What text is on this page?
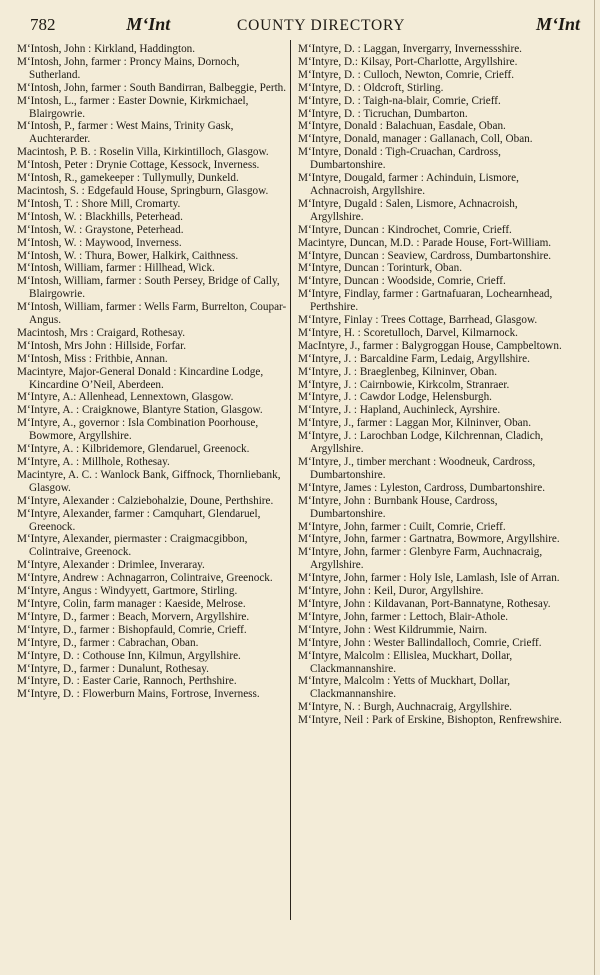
782	M‘Int	COUNTY DIRECTORY	M‘Int

M‘Intosh, John : Kirkland, Haddington.

M‘Intosh, John, farmer : Proncy Mains, Dornoch, Sutherland.

M‘Intosh, John, farmer : South Bandirran, Balbeggie, Perth.

M‘Intosh, L., farmer : Easter Downie, Kirkmichael, Blairgowrie.

M‘Intosh, P., farmer : West Mains, Trinity Gask, Auchterarder.

Macintosh, P. B. : Roselin Villa, Kirkintilloch, Glasgow.

M‘Intosh, Peter : Drynie Cottage, Kessock, Inverness.

M‘Intosh, R., gamekeeper : Tullymully, Dunkeld.

Macintosh, S. : Edgefauld House, Springburn, Glasgow.

M‘Intosh, T. : Shore Mill, Cromarty.

M‘Intosh, W. : Blackhills, Peterhead.

M‘Intosh, W. : Graystone, Peterhead.

M‘Intosh, W. : Maywood, Inverness.

M‘Intosh, W. : Thura, Bower, Halkirk, Caithness.

M‘Intosh, William, farmer : Hillhead, Wick.

M‘Intosh, William, farmer : South Persey, Bridge of Cally, Blairgowrie.

M‘Intosh, William, farmer : Wells Farm, Burrelton, Coupar-Angus.

Macintosh, Mrs : Craigard, Rothesay.

M‘Intosh, Mrs John : Hillside, Forfar.

M‘Intosh, Miss : Frithbie, Annan.

Macintyre, Major-General Donald : Kincardine Lodge, Kincardine O’Neil, Aberdeen.

M‘Intyre, A.: Allenhead, Lennextown, Glasgow.

M‘Intyre, A. : Craigknowe, Blantyre Station, Glasgow.

M‘Intyre, A., governor : Isla Combination Poorhouse, Bowmore, Argyllshire.

M‘Intyre, A. : Kilbridemore, Glendaruel, Greenock.

M‘Intyre, A. : Millhole, Rothesay.

Macintyre, A. C. : Wanlock Bank, Giffnock, Thornliebank, Glasgow.

M‘Intyre, Alexander : Calziebohalzie, Doune, Perthshire.

M‘Intyre, Alexander, farmer : Camquhart, Glendaruel, Greenock.

M‘Intyre, Alexander, piermaster : Craigmacgibbon, Colintraive, Greenock.

M‘Intyre, Alexander : Drimlee, Inveraray.

M‘Intyre, Andrew : Achnagarron, Colintraive, Greenock.

M‘Intyre, Angus : Windyyett, Gartmore, Stirling.

M‘Intyre, Colin, farm manager : Kaeside, Melrose.

M‘Intyre, D., farmer : Beach, Morvern, Argyllshire.

M‘Intyre, D., farmer : Bishopfauld, Comrie, Crieff.

M‘Intyre, D., farmer : Cabrachan, Oban.

M‘Intyre, D. : Cothouse Inn, Kilmun, Argyllshire.

M‘Intyre, D., farmer : Dunalunt, Rothesay.

M‘Intyre, D. : Easter Carie, Rannoch, Perthshire.

M‘Intyre, D. : Flowerburn Mains, Fortrose, Inverness.

M‘Intyre, D. : Laggan, Invergarry, Invernessshire.

M‘Intyre, D.: Kilsay, Port-Charlotte, Argyllshire.

M‘Intyre, D. : Culloch, Newton, Comrie, Crieff.

M‘Intyre, D. : Oldcroft, Stirling.

M‘Intyre, D. : Taigh-na-blair, Comrie, Crieff.

M‘Intyre, D. : Ticruchan, Dumbarton.

M‘Intyre, Donald : Balachuan, Easdale, Oban.

M‘Intyre, Donald, manager : Gallanach, Coll, Oban.

M‘Intyre, Donald : Tigh-Cruachan, Cardross, Dumbartonshire.

M‘Intyre, Dougald, farmer : Achinduin, Lismore, Achnacroish, Argyllshire.

M‘Intyre, Dugald : Salen, Lismore, Achnacroish, Argyllshire.

M‘Intyre, Duncan : Kindrochet, Comrie, Crieff.

Macintyre, Duncan, M.D. : Parade House, Fort-William.

M‘Intyre, Duncan : Seaview, Cardross, Dumbartonshire.

M‘Intyre, Duncan : Torinturk, Oban.

M‘Intyre, Duncan : Woodside, Comrie, Crieff.

M‘Intyre, Findlay, farmer : Gartnafuaran, Lochearnhead, Perthshire.

M‘Intyre, Finlay : Trees Cottage, Barrhead, Glasgow.

M‘Intyre, H. : Scoretulloch, Darvel, Kilmarnock.

MacIntyre, J., farmer : Balygroggan House, Campbeltown.

M‘Intyre, J. : Barcaldine Farm, Ledaig, Argyllshire.

M‘Intyre, J. : Braeglenbeg, Kilninver, Oban.

M‘Intyre, J. : Cairnbowie, Kirkcolm, Stranraer.

M‘Intyre, J. : Cawdor Lodge, Helensburgh.

M‘Intyre, J. : Hapland, Auchinleck, Ayrshire.

M‘Intyre, J., farmer : Laggan Mor, Kilninver, Oban.

M‘Intyre, J. : Larochban Lodge, Kilchrennan, Cladich, Argyllshire.

M‘Intyre, J., timber merchant : Woodneuk, Cardross, Dumbartonshire.

M‘Intyre, James : Lyleston, Cardross, Dumbartonshire.

M‘Intyre, John : Burnbank House, Cardross, Dumbartonshire.

M‘Intyre, John, farmer : Cuilt, Comrie, Crieff.

M‘Intyre, John, farmer : Gartnatra, Bowmore, Argyllshire.

M‘Intyre, John, farmer : Glenbyre Farm, Auchnacraig, Argyllshire.

M‘Intyre, John, farmer : Holy Isle, Lamlash, Isle of Arran.

M‘Intyre, John : Keil, Duror, Argyllshire.

M‘Intyre, John : Kildavanan, Port-Bannatyne, Rothesay.

M‘Intyre, John, farmer : Lettoch, Blair-Athole.

M‘Intyre, John : West Kildrummie, Nairn.

M‘Intyre, John : Wester Ballindalloch, Comrie, Crieff.

M‘Intyre, Malcolm : Ellislea, Muckhart, Dollar, Clackmannanshire.

M‘Intyre, Malcolm : Yetts of Muckhart, Dollar, Clackmannanshire.

M‘Intyre, N. : Burgh, Auchnacraig, Argyllshire.

M‘Intyre, Neil : Park of Erskine, Bishopton, Renfrewshire.
